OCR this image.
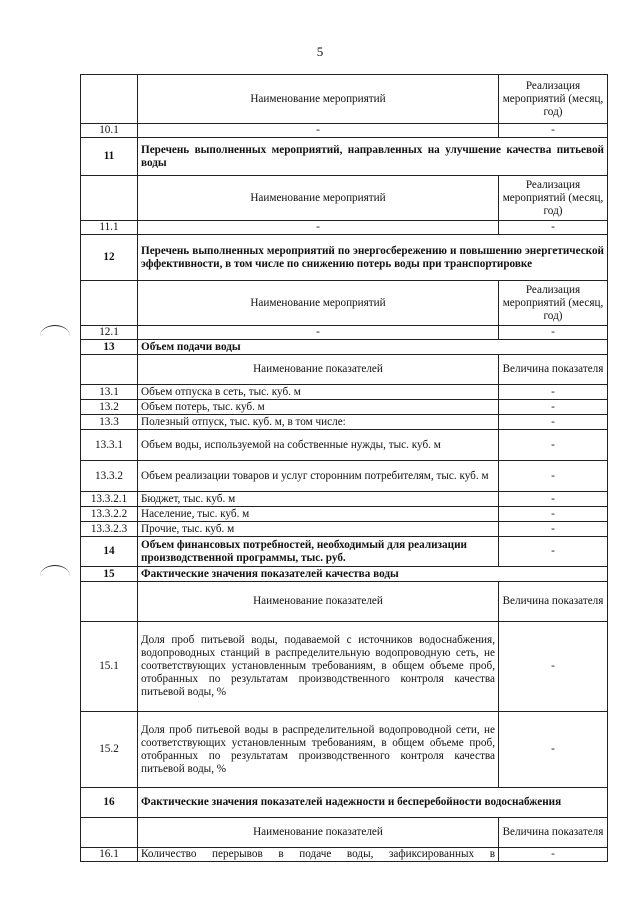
5
	Наименование мероприятий	Реализация мероприятий (месяц, год)
10.1	-	-
11	Перечень выполненных мероприятий, направленных на улучшение качества питьевой воды	
	Наименование мероприятий	Реализация мероприятий (месяц, год)
11.1	-	-
12	Перечень выполненных мероприятий по энергосбережению и повышению энергетической эффективности, в том числе по снижению потерь воды при транспортировке	
	Наименование мероприятий	Реализация мероприятий (месяц, год)
12.1	-	-
13	Объем подачи воды	
	Наименование показателей	Величина показателя
13.1	Объем отпуска в сеть, тыс. куб. м	-
13.2	Объем потерь, тыс. куб. м	-
13.3	Полезный отпуск, тыс. куб. м, в том числе:	-
13.3.1	Объем воды, используемой на собственные нужды, тыс. куб. м	-
13.3.2	Объем реализации товаров и услуг сторонним потребителям, тыс. куб. м	-
13.3.2.1	Бюджет, тыс. куб. м	-
13.3.2.2	Население, тыс. куб. м	-
13.3.2.3	Прочие, тыс. куб. м	-
14	Объем финансовых потребностей, необходимый для реализации производственной программы, тыс. руб.	-
15	Фактические значения показателей качества воды	
	Наименование показателей	Величина показателя
15.1	Доля проб питьевой воды, подаваемой с источников водоснабжения, водопроводных станций в распределительную водопроводную сеть, не соответствующих установленным требованиям, в общем объеме проб, отобранных по результатам производственного контроля качества питьевой воды, %	-
15.2	Доля проб питьевой воды в распределительной водопроводной сети, не соответствующих установленным требованиям, в общем объеме проб, отобранных по результатам производственного контроля качества питьевой воды, %	-
16	Фактические значения показателей надежности и бесперебойности водоснабжения	
	Наименование показателей	Величина показателя
16.1	Количество перерывов в подаче воды, зафиксированных в	-
